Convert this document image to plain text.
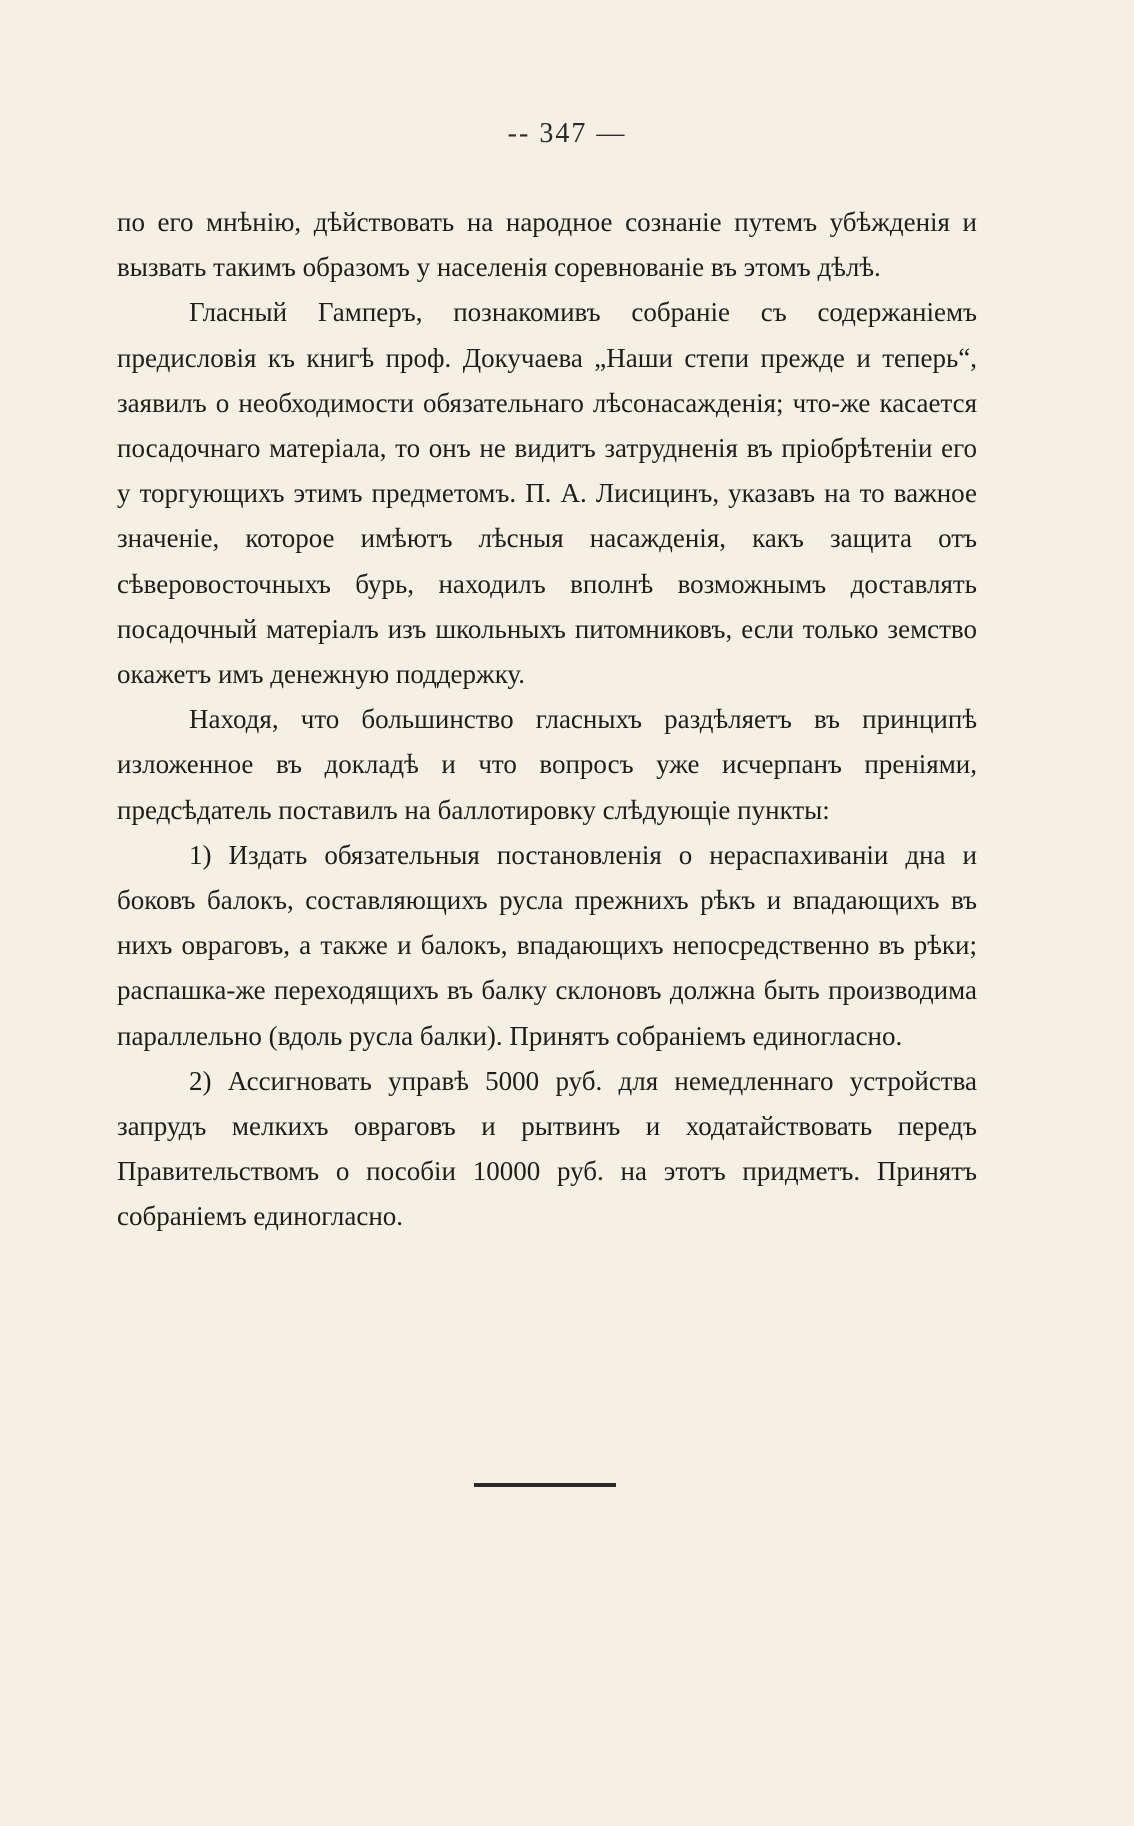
-- 347 —

по его мнѣнію, дѣйствовать на народное сознаніе путемъ убѣжденія и вызвать такимъ образомъ у населенія соревнованіе въ этомъ дѣлѣ.

Гласный Гамперъ, познакомивъ собраніе съ содержаніемъ предисловія къ книгѣ проф. Докучаева „Наши степи прежде и теперь“, заявилъ о необходимости обязательнаго лѣсонасажденія; что-же касается посадочнаго матеріала, то онъ не видитъ затрудненія въ пріобрѣтеніи его у торгующихъ этимъ предметомъ. П. А. Лисицинъ, указавъ на то важное значеніе, которое имѣютъ лѣсныя насажденія, какъ защита отъ сѣверовосточныхъ бурь, находилъ вполнѣ возможнымъ доставлять посадочный матеріалъ изъ школьныхъ питомниковъ, если только земство окажетъ имъ денежную поддержку.

Находя, что большинство гласныхъ раздѣляетъ въ принципѣ изложенное въ докладѣ и что вопросъ уже исчерпанъ преніями, предсѣдатель поставилъ на баллотировку слѣдующіе пункты:

1) Издать обязательныя постановленія о нераспахиваніи дна и боковъ балокъ, составляющихъ русла прежнихъ рѣкъ и впадающихъ въ нихъ овраговъ, а также и балокъ, впадающихъ непосредственно въ рѣки; распашка-же переходящихъ въ балку склоновъ должна быть производима параллельно (вдоль русла балки). Принятъ собраніемъ единогласно.

2) Ассигновать управѣ 5000 руб. для немедленнаго устройства запрудъ мелкихъ овраговъ и рытвинъ и ходатайствовать передъ Правительствомъ о пособіи 10000 руб. на этотъ придметъ. Принятъ собраніемъ единогласно.
